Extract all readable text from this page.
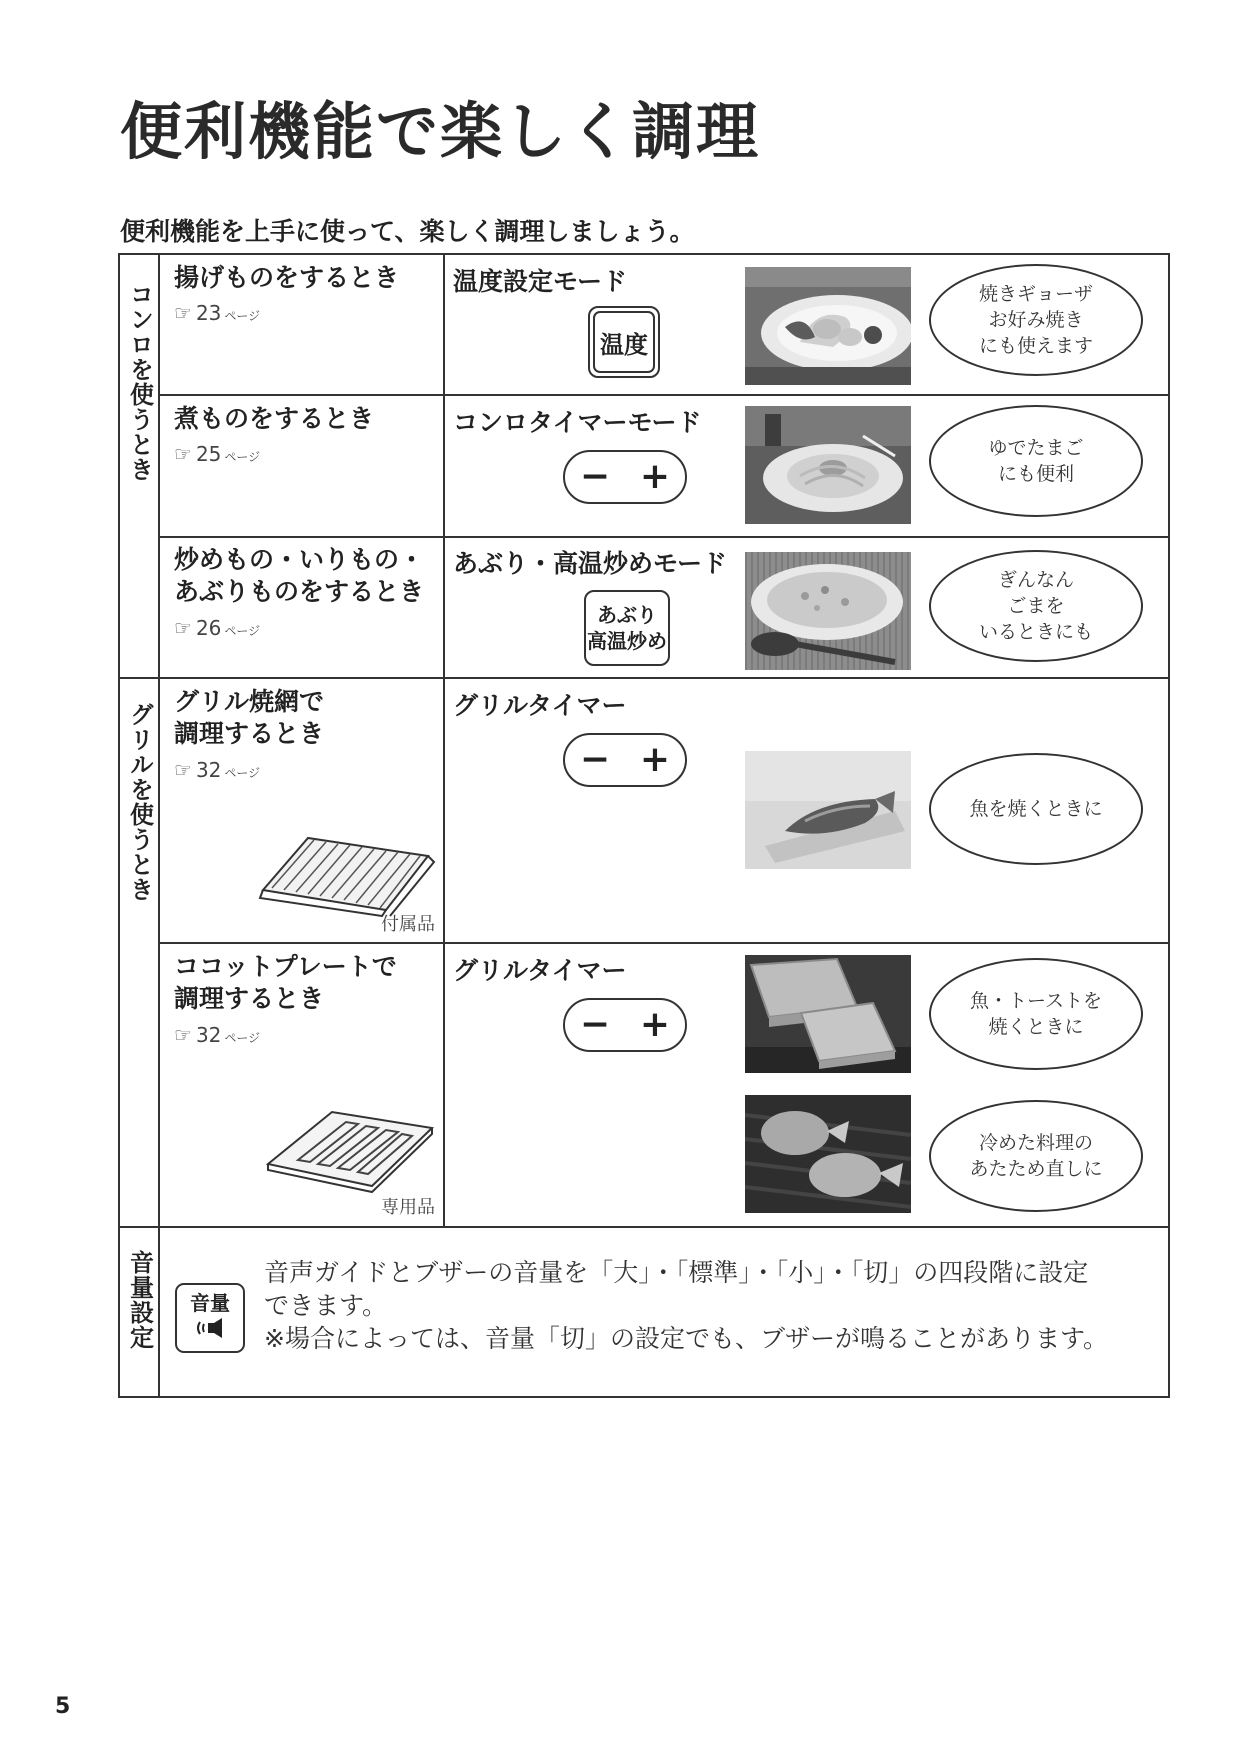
便利機能で楽しく調理

便利機能を上手に使って、楽しく調理しましょう。

コンロを使うとき
グリルを使うとき
音量設定
揚げものをするとき
☞ 23 ページ
温度設定モード
温度
焼きギョーザ
お好み焼き
にも使えます
煮ものをするとき
☞ 25 ページ
コンロタイマーモード
− +
ゆでたまご
にも便利
炒めもの・いりもの・
あぶりものをするとき
☞ 26 ページ
あぶり・高温炒めモード
あぶり
高温炒め
ぎんなん
ごまを
いるときにも
グリル焼網で
調理するとき
☞ 32 ページ
グリルタイマー
− +
付属品
魚を焼くときに
ココットプレートで
調理するとき
☞ 32 ページ
グリルタイマー
− +
専用品
魚・トーストを
焼くときに
冷めた料理の
あたため直しに
音量
音声ガイドとブザーの音量を「大」・「標準」・「小」・「切」の四段階に設定
できます。
※場合によっては、音量「切」の設定でも、ブザーが鳴ることがあります。
5
